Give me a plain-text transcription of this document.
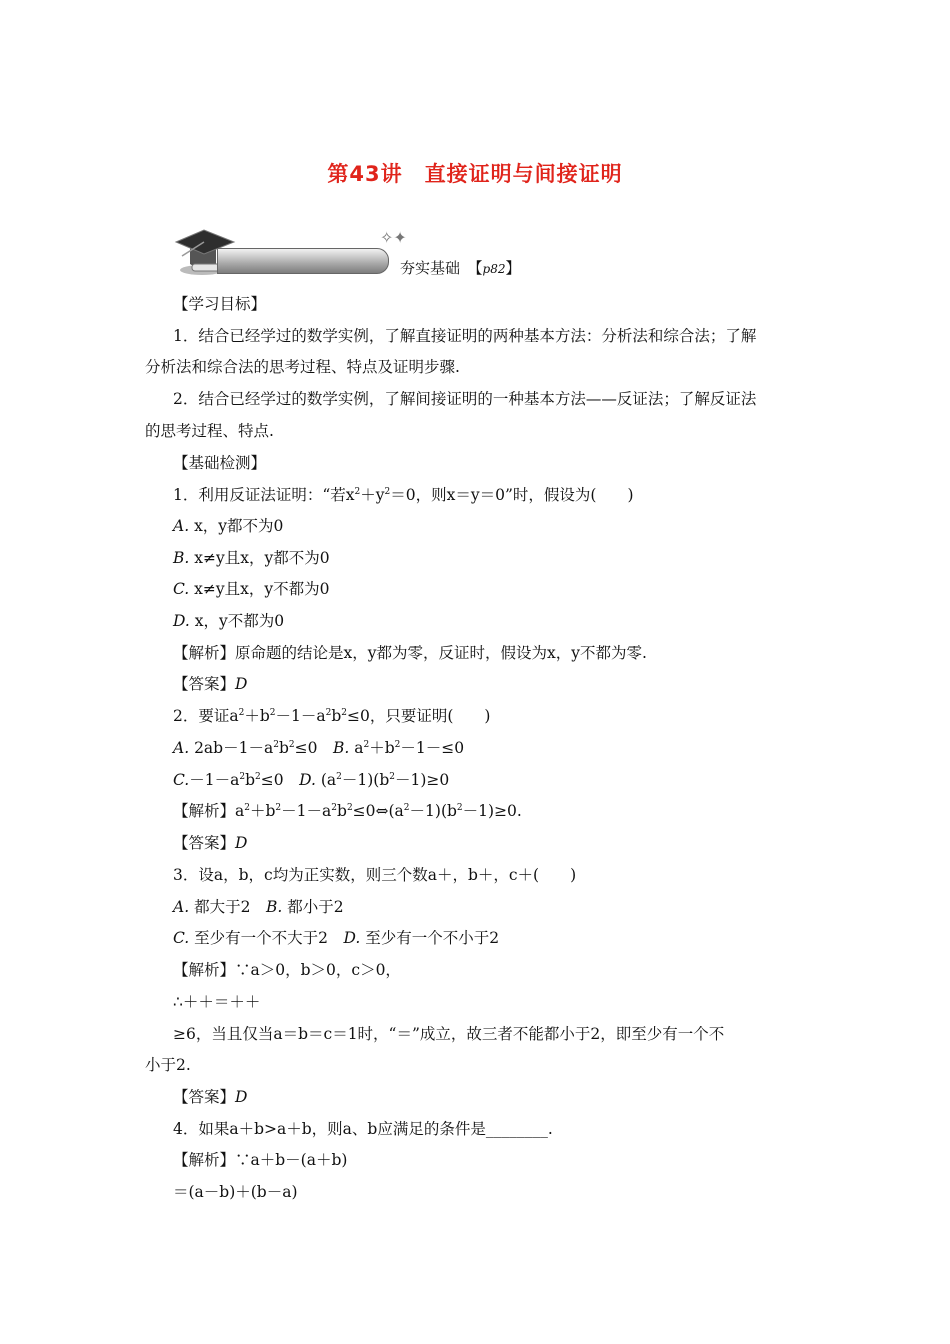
第43讲　直接证明与间接证明
✧✦
夯实基础　【p82】
【学习目标】
1．结合已经学过的数学实例，了解直接证明的两种基本方法：分析法和综合法；了解
分析法和综合法的思考过程、特点及证明步骤.
2．结合已经学过的数学实例，了解间接证明的一种基本方法——反证法；了解反证法
的思考过程、特点.
【基础检测】
1．利用反证法证明：“若$x^2+y^2=0$，则x＝y＝0”时，假设为(　　)
A. x，y都不为0
B. x≠y且x，y都不为0
C. x≠y且x，y不都为0
D. x，y不都为0
【解析】原命题的结论是x，y都为零，反证时，假设为x，y不都为零.
【答案】D
2．要证$a^2+b^2-1-a^2b^2\le 0$，只要证明(　　)
A. $2ab-1-a^2b^2\le 0$　B. $a^2+b^2-1-\le 0$
$C.-1-a^2b^2\le 0$　D. $(a^2-1)(b^2-1)\ge 0$
【解析】$a^2+b^2-1-a^2b^2\le 0\Leftrightarrow(a^2-1)(b^2-1)\ge 0$.
【答案】D
3．设a，b，c均为正实数，则三个数a＋，b＋，c＋(　　)
A. 都大于2　B. 都小于2
C. 至少有一个不大于2　D. 至少有一个不小于2
【解析】∵a＞0，b＞0，c＞0，
∴＋＋＝＋＋
≥6，当且仅当a＝b＝c＝1时，“＝”成立，故三者不能都小于2，即至少有一个不
小于2.
【答案】D
4．如果a＋b>a＋b，则a、b应满足的条件是________.
【解析】∵a＋b－(a＋b)
＝(a－b)＋(b－a)
